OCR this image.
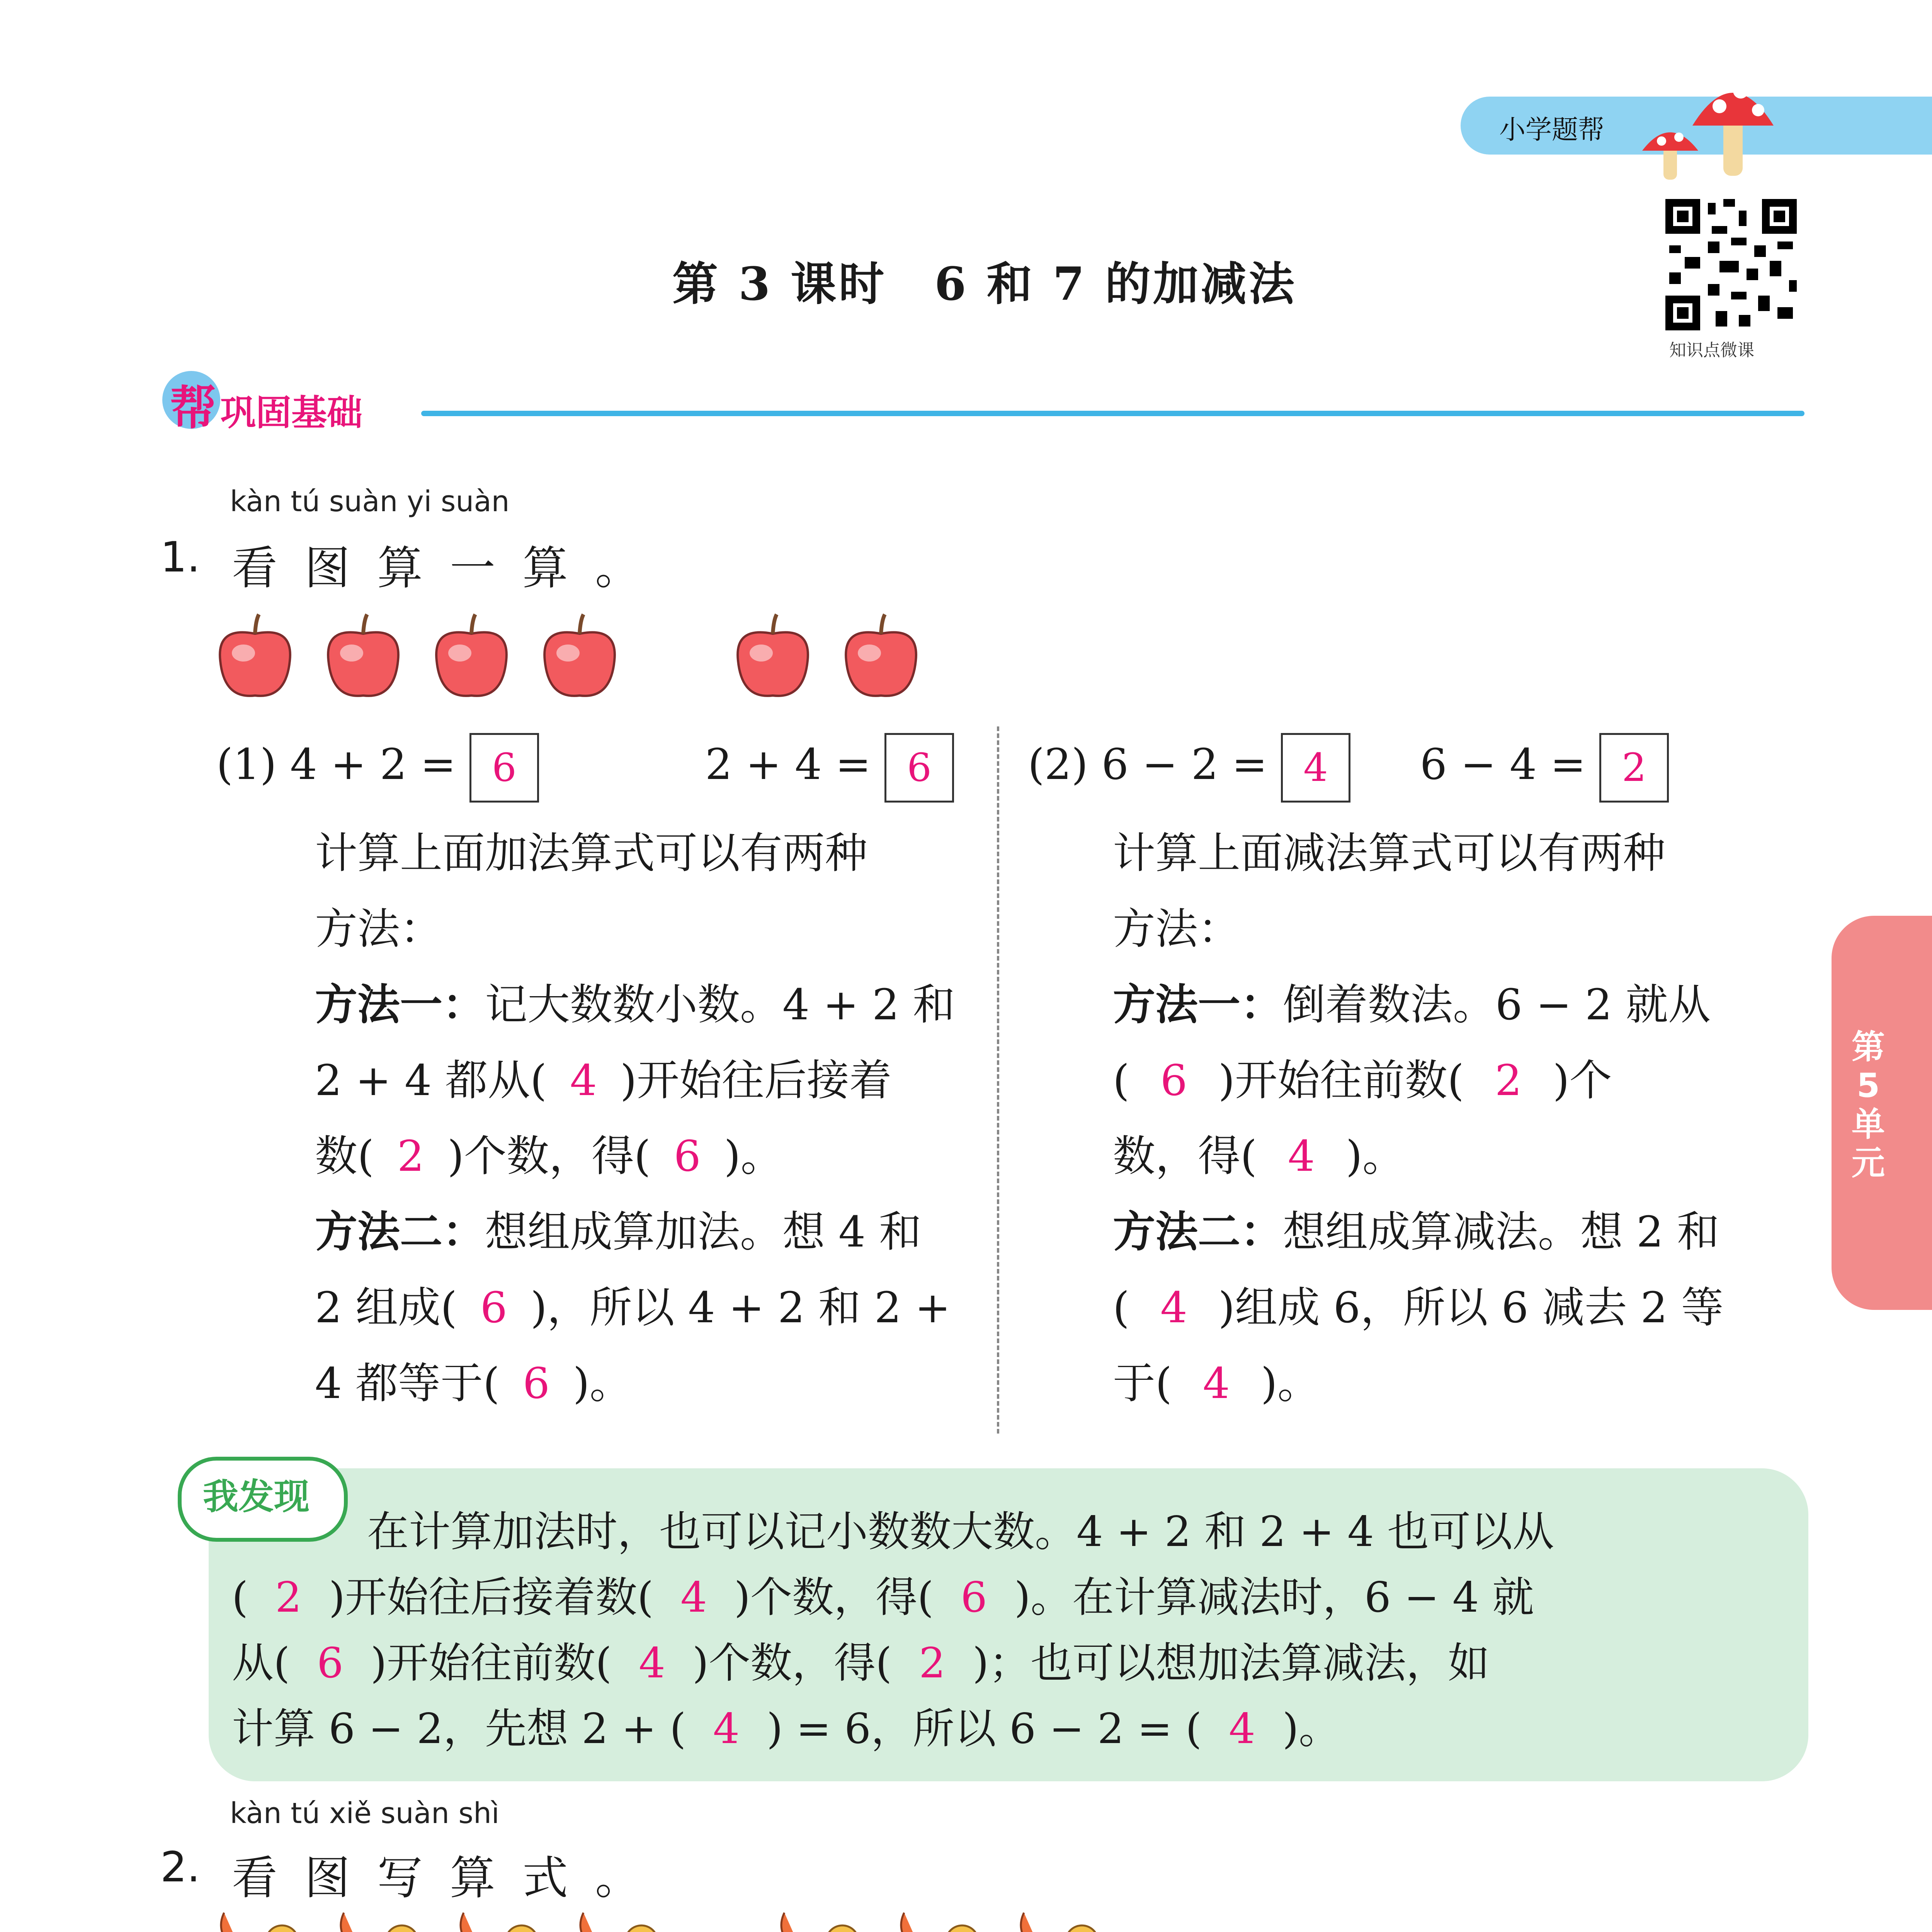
小学题帮
知识点微课
第 3 课时　6 和 7 的加减法
第5单元
帮 巩固基础
kàn tú suàn yi suàn
1. 看图算一算。
(1) 4 + 2 = 6	2 + 4 = 6
计算上面加法算式可以有两种
方法：
方法一：记大数数小数。4 + 2 和
2 + 4 都从( 4 )开始往后接着
数( 2 )个数，得( 6 )。
方法二：想组成算加法。想 4 和
2 组成( 6 )，所以 4 + 2 和 2 +
4 都等于( 6 )。
(2) 6 − 2 = 4 6 − 4 = 2
计算上面减法算式可以有两种
方法：
方法一：倒着数法。6 − 2 就从
( 6 )开始往前数( 2 )个
数，得( 4 )。
方法二：想组成算减法。想 2 和
( 4 )组成 6，所以 6 减去 2 等
于( 4 )。
我发现
在计算加法时，也可以记小数数大数。4 + 2 和 2 + 4 也可以从
( 2 )开始往后接着数( 4 )个数，得( 6 )。在计算减法时，6 − 4 就
从( 6 )开始往前数( 4 )个数，得( 2 )；也可以想加法算减法，如
计算 6 − 2，先想 2 + ( 4 ) = 6，所以 6 − 2 = ( 4 )。
kàn tú xiě suàn shì
2. 看图写算式。
